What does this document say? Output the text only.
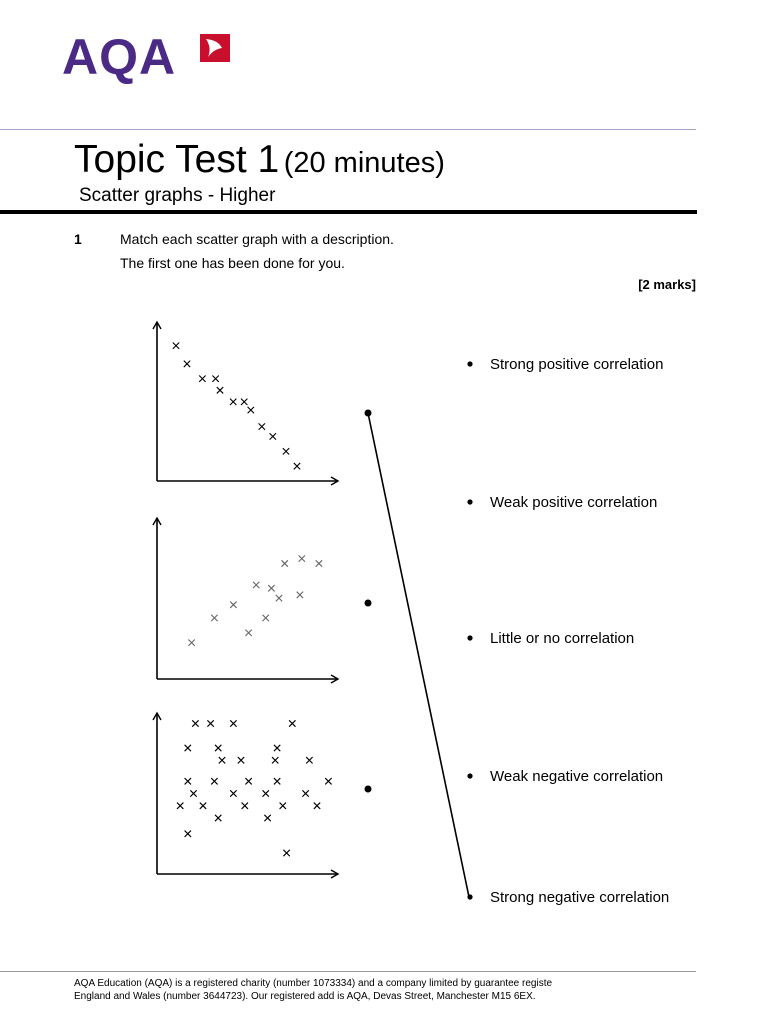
AQA
Topic Test 1 (20 minutes)
Scatter graphs - Higher
1	Match each scatter graph with a description.
The first one has been done for you.
[2 marks]
Strong positive correlation
Weak positive correlation
Little or no correlation
Weak negative correlation
Strong negative correlation
AQA Education (AQA) is a registered charity (number 1073334) and a company limited by guarantee registe
England and Wales (number 3644723). Our registered add is AQA, Devas Street, Manchester M15 6EX.
